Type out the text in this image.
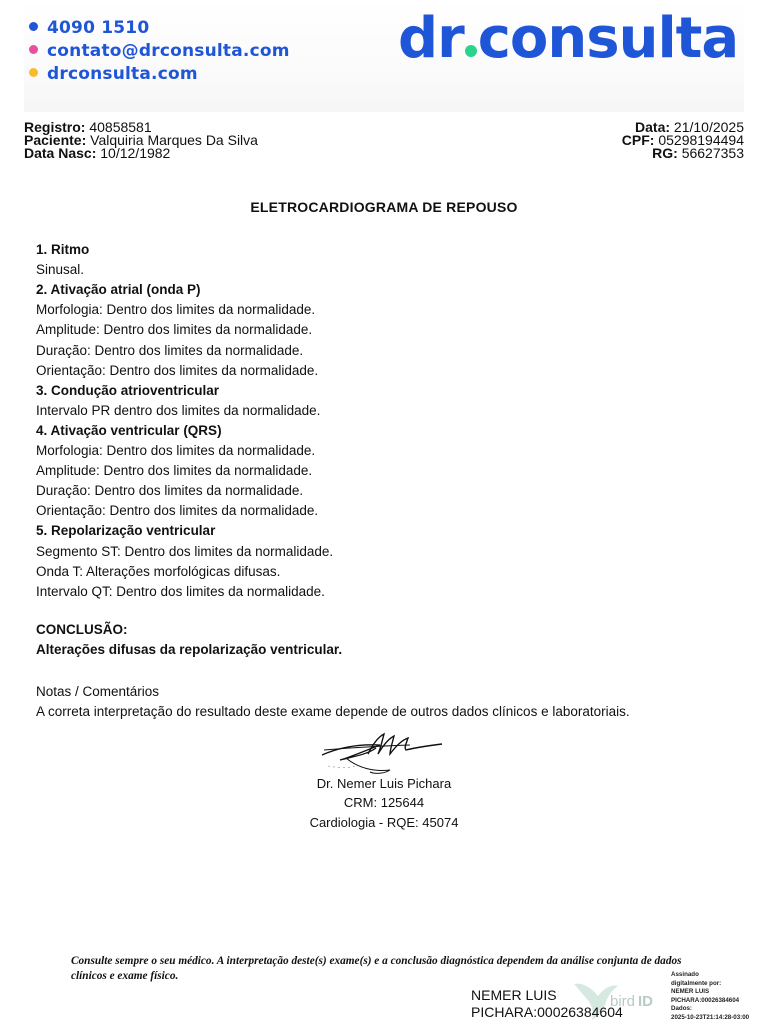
4090 1510
contato@drconsulta.com
drconsulta.com
dr consulta
Registro: 40858581
Paciente: Valquiria Marques Da Silva
Data Nasc: 10/12/1982
Data: 21/10/2025
CPF: 05298194494
RG: 56627353
ELETROCARDIOGRAMA DE REPOUSO
1. Ritmo
Sinusal.
2. Ativação atrial (onda P)
Morfologia: Dentro dos limites da normalidade.
Amplitude: Dentro dos limites da normalidade.
Duração: Dentro dos limites da normalidade.
Orientação: Dentro dos limites da normalidade.
3. Condução atrioventricular
Intervalo PR dentro dos limites da normalidade.
4. Ativação ventricular (QRS)
Morfologia: Dentro dos limites da normalidade.
Amplitude: Dentro dos limites da normalidade.
Duração: Dentro dos limites da normalidade.
Orientação: Dentro dos limites da normalidade.
5. Repolarização ventricular
Segmento ST: Dentro dos limites da normalidade.
Onda T: Alterações morfológicas difusas.
Intervalo QT: Dentro dos limites da normalidade.
CONCLUSÃO:
Alterações difusas da repolarização ventricular.
Notas / Comentários
A correta interpretação do resultado deste exame depende de outros dados clínicos e laboratoriais.
Dr. Nemer Luis Pichara
CRM: 125644
Cardiologia - RQE: 45074
Consulte sempre o seu médico. A interpretação deste(s) exame(s) e a conclusão diagnóstica dependem da análise conjunta de dados clínicos e exame físico.
bird ID
NEMER LUIS
PICHARA:00026384604
Assinado
digitalmente por:
NEMER LUIS
PICHARA:00026384604
Dados:
2025-10-23T21:14:28-03:00
